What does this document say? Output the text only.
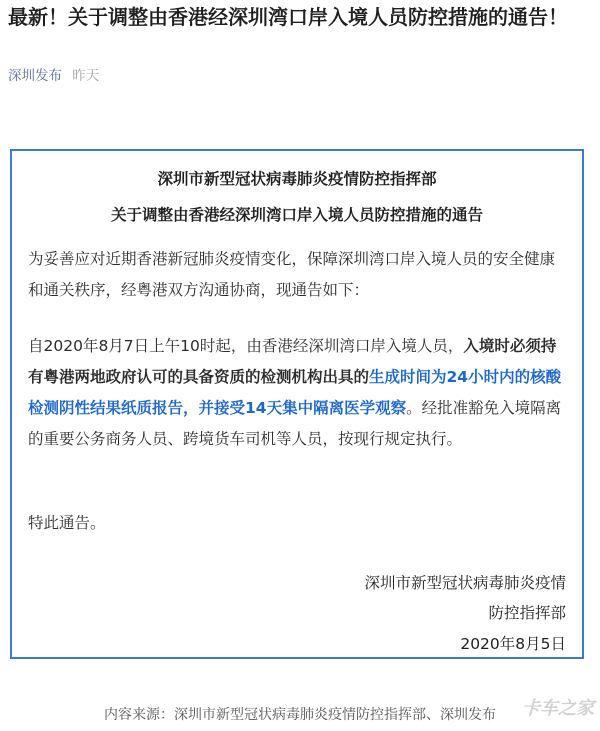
最新！关于调整由香港经深圳湾口岸入境人员防控措施的通告！
深圳发布 昨天
深圳市新型冠状病毒肺炎疫情防控指挥部
关于调整由香港经深圳湾口岸入境人员防控措施的通告
为妥善应对近期香港新冠肺炎疫情变化，保障深圳湾口岸入境人员的安全健康和通关秩序，经粤港双方沟通协商，现通告如下：
自2020年8月7日上午10时起，由香港经深圳湾口岸入境人员，入境时必须持有粤港两地政府认可的具备资质的检测机构出具的生成时间为24小时内的核酸检测阴性结果纸质报告，并接受14天集中隔离医学观察。经批准豁免入境隔离的重要公务商务人员、跨境货车司机等人员，按现行规定执行。
特此通告。
深圳市新型冠状病毒肺炎疫情
防控指挥部
2020年8月5日
内容来源：深圳市新型冠状病毒肺炎疫情防控指挥部、深圳发布	卡车之家
